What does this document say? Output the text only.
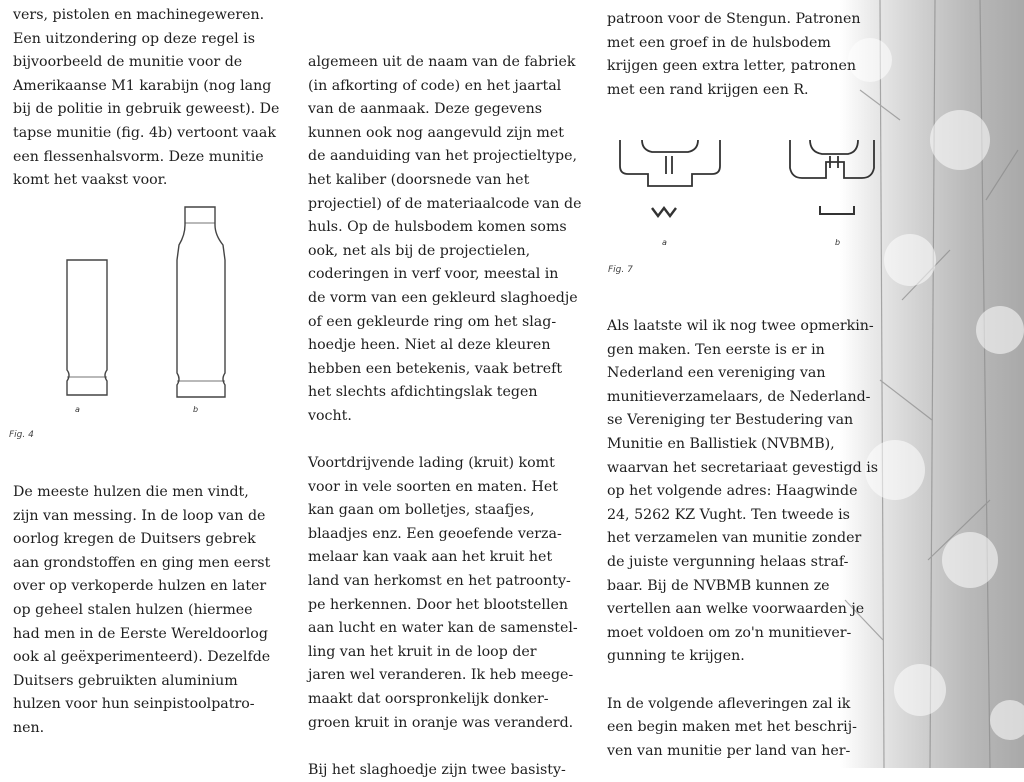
vers, pistolen en machinegeweren.
Een uitzondering op deze regel is
bijvoorbeeld de munitie voor de
Amerikaanse M1 karabijn (nog lang
bij de politie in gebruik geweest). De
tapse munitie (fig. 4b) vertoont vaak
een flessenhalsvorm. Deze munitie
komt het vaakst voor.

a	b
Fig. 4

De meeste hulzen die men vindt,
zijn van messing. In de loop van de
oorlog kregen de Duitsers gebrek
aan grondstoffen en ging men eerst
over op verkoperde hulzen en later
op geheel stalen hulzen (hiermee
had men in de Eerste Wereldoorlog
ook al geëxperimenteerd). Dezelfde
Duitsers gebruikten aluminium
hulzen voor hun seinpistoolpatro-
nen.

algemeen uit de naam van de fabriek
(in afkorting of code) en het jaartal
van de aanmaak. Deze gegevens
kunnen ook nog aangevuld zijn met
de aanduiding van het projectieltype,
het kaliber (doorsnede van het
projectiel) of de materiaalcode van de
huls. Op de hulsbodem komen soms
ook, net als bij de projectielen,
coderingen in verf voor, meestal in
de vorm van een gekleurd slaghoedje
of een gekleurde ring om het slag-
hoedje heen. Niet al deze kleuren
hebben een betekenis, vaak betreft
het slechts afdichtingslak tegen
vocht.

Voortdrijvende lading (kruit) komt
voor in vele soorten en maten. Het
kan gaan om bolletjes, staafjes,
blaadjes enz. Een geoefende verza-
melaar kan vaak aan het kruit het
land van herkomst en het patroonty-
pe herkennen. Door het blootstellen
aan lucht en water kan de samenstel-
ling van het kruit in de loop der
jaren wel veranderen. Ik heb meege-
maakt dat oorspronkelijk donker-
groen kruit in oranje was veranderd.

Bij het slaghoedje zijn twee basisty-

patroon voor de Stengun. Patronen
met een groef in de hulsbodem
krijgen geen extra letter, patronen
met een rand krijgen een R.

a	b
Fig. 7

Als laatste wil ik nog twee opmerkin-
gen maken. Ten eerste is er in
Nederland een vereniging van
munitieverzamelaars, de Nederland-
se Vereniging ter Bestudering van
Munitie en Ballistiek (NVBMB),
waarvan het secretariaat gevestigd is
op het volgende adres: Haagwinde
24, 5262 KZ Vught. Ten tweede is
het verzamelen van munitie zonder
de juiste vergunning helaas straf-
baar. Bij de NVBMB kunnen ze
vertellen aan welke voorwaarden je
moet voldoen om zo'n munitiever-
gunning te krijgen.

In de volgende afleveringen zal ik
een begin maken met het beschrij-
ven van munitie per land van her-
